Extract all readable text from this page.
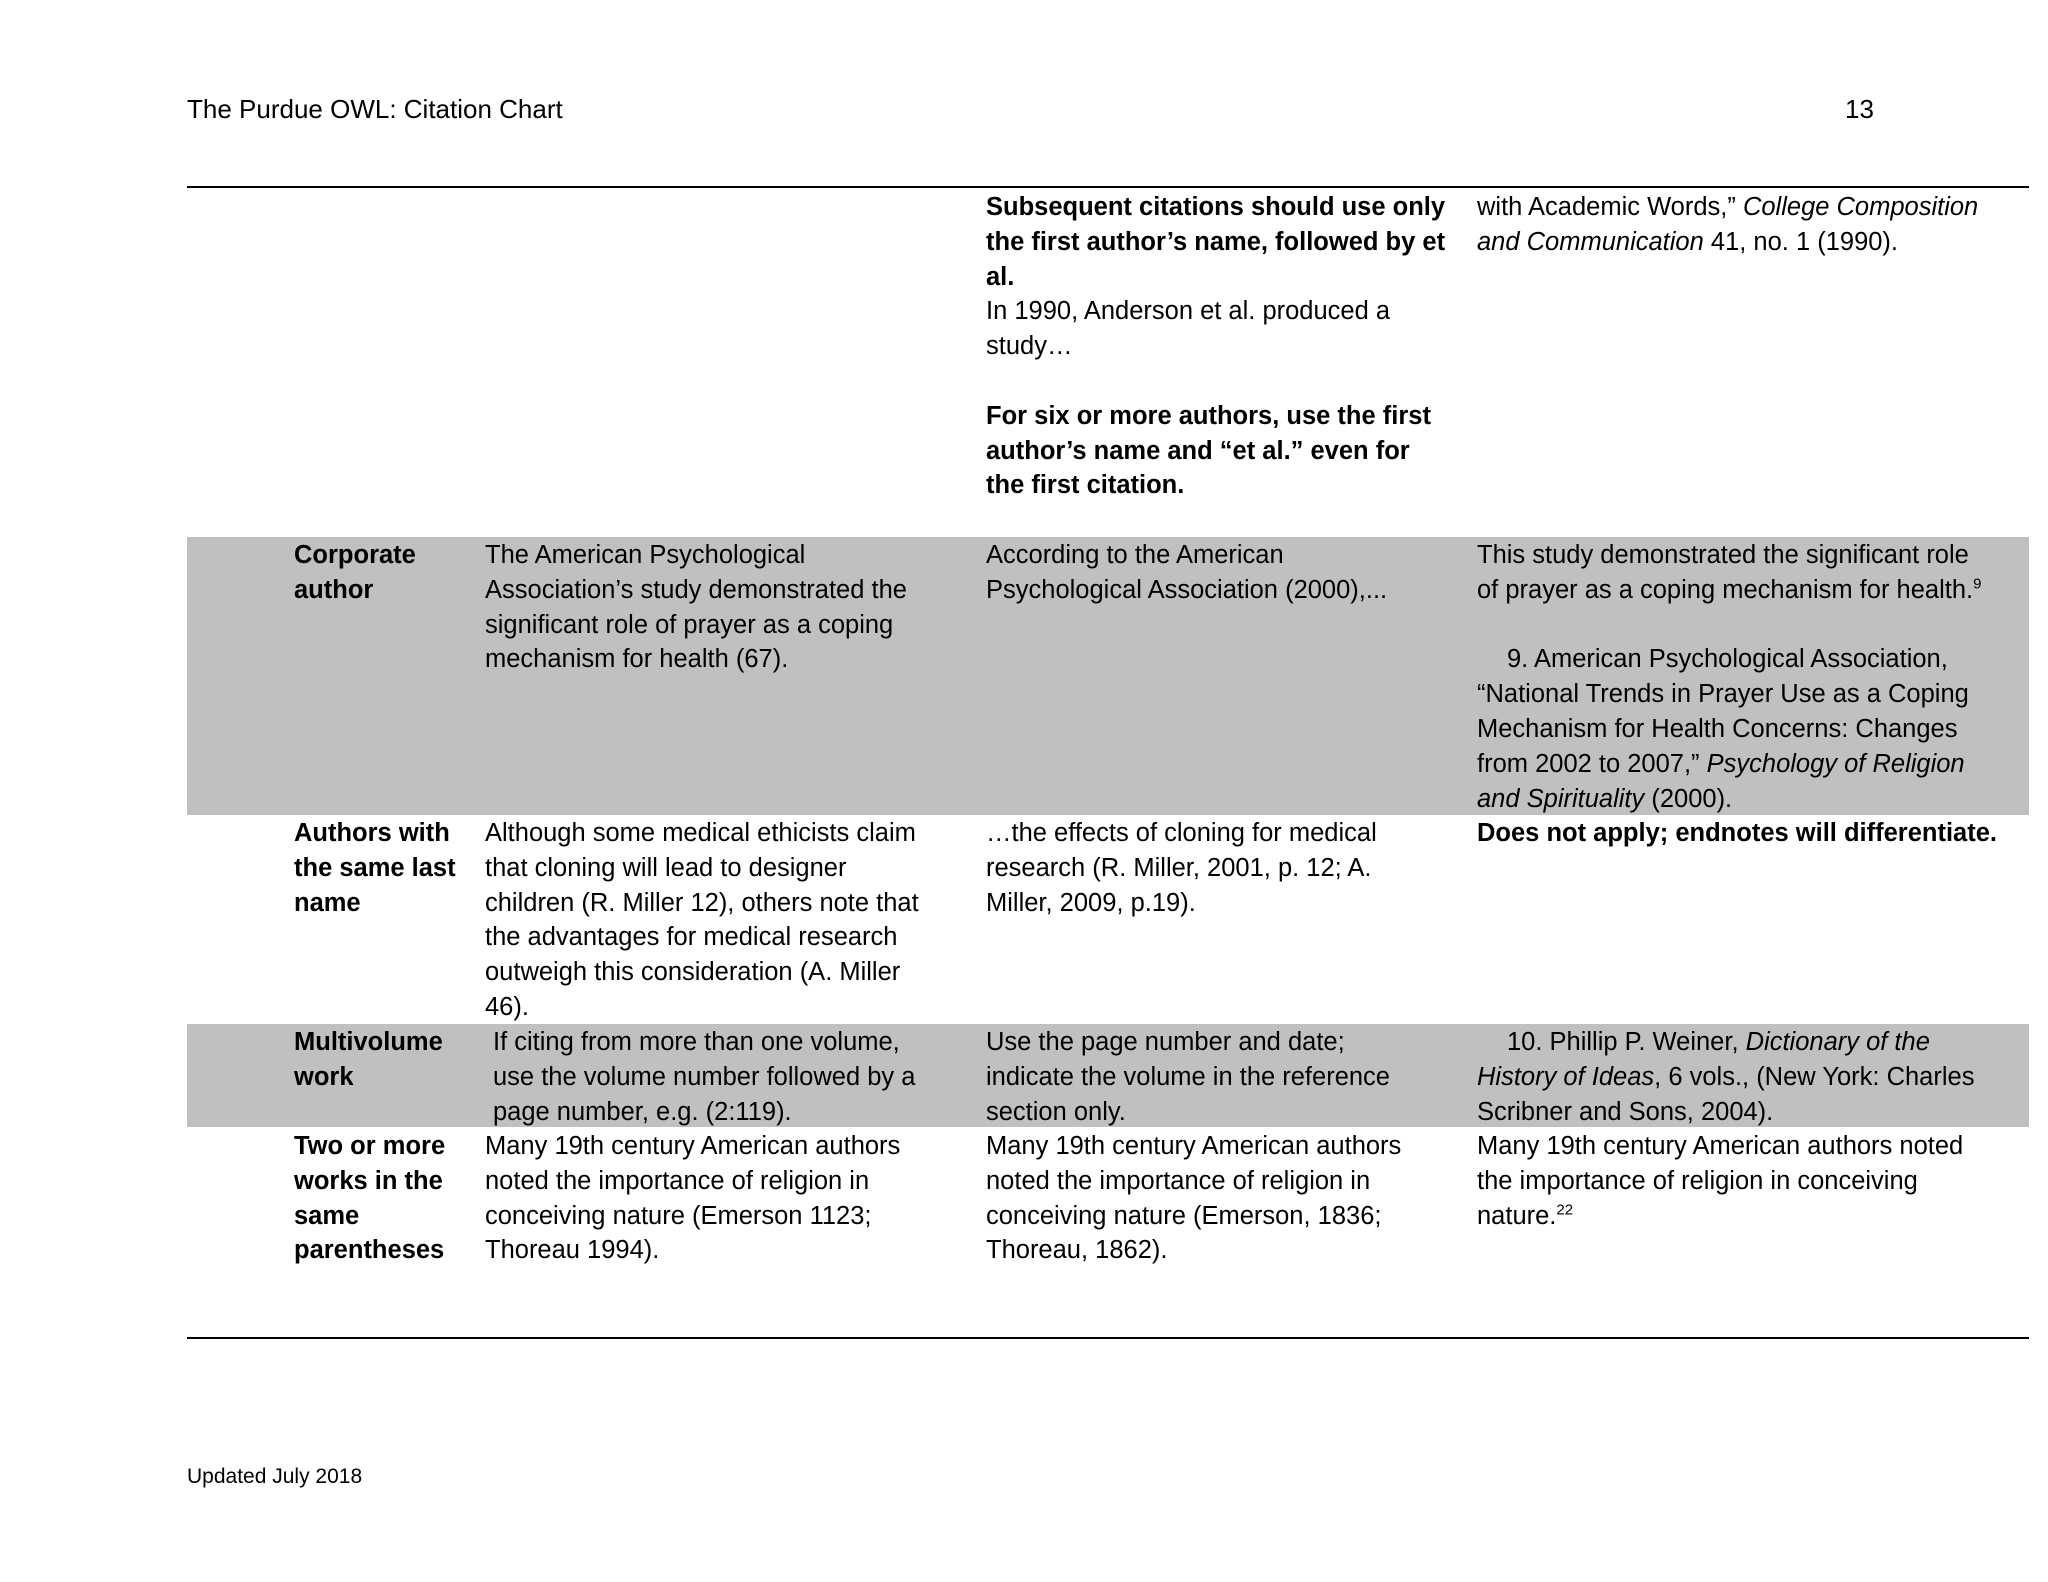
The Purdue OWL: Citation Chart	13
Subsequent citations should use only
the first author’s name, followed by et
al.
In 1990, Anderson et al. produced a
study…
For six or more authors, use the first
author’s name and “et al.” even for
the first citation.
with Academic Words,” College Composition
and Communication 41, no. 1 (1990).
Corporate
author
The American Psychological
Association’s study demonstrated the
significant role of prayer as a coping
mechanism for health (67).
According to the American
Psychological Association (2000),...
This study demonstrated the significant role
of prayer as a coping mechanism for health.$^9$
9. American Psychological Association,
“National Trends in Prayer Use as a Coping
Mechanism for Health Concerns: Changes
from 2002 to 2007,” Psychology of Religion
and Spirituality (2000).
Authors with
the same last
name
Although some medical ethicists claim
that cloning will lead to designer
children (R. Miller 12), others note that
the advantages for medical research
outweigh this consideration (A. Miller
46).
…the effects of cloning for medical
research (R. Miller, 2001, p. 12; A.
Miller, 2009, p.19).
Does not apply; endnotes will differentiate.
Multivolume
work
If citing from more than one volume,
use the volume number followed by a
page number, e.g. (2:119).
Use the page number and date;
indicate the volume in the reference
section only.
10. Phillip P. Weiner, Dictionary of the
History of Ideas, 6 vols., (New York: Charles
Scribner and Sons, 2004).
Two or more
works in the
same
parentheses
Many 19th century American authors
noted the importance of religion in
conceiving nature (Emerson 1123;
Thoreau 1994).
Many 19th century American authors
noted the importance of religion in
conceiving nature (Emerson, 1836;
Thoreau, 1862).
Many 19th century American authors noted
the importance of religion in conceiving
nature.$^{22}$
Updated July 2018
